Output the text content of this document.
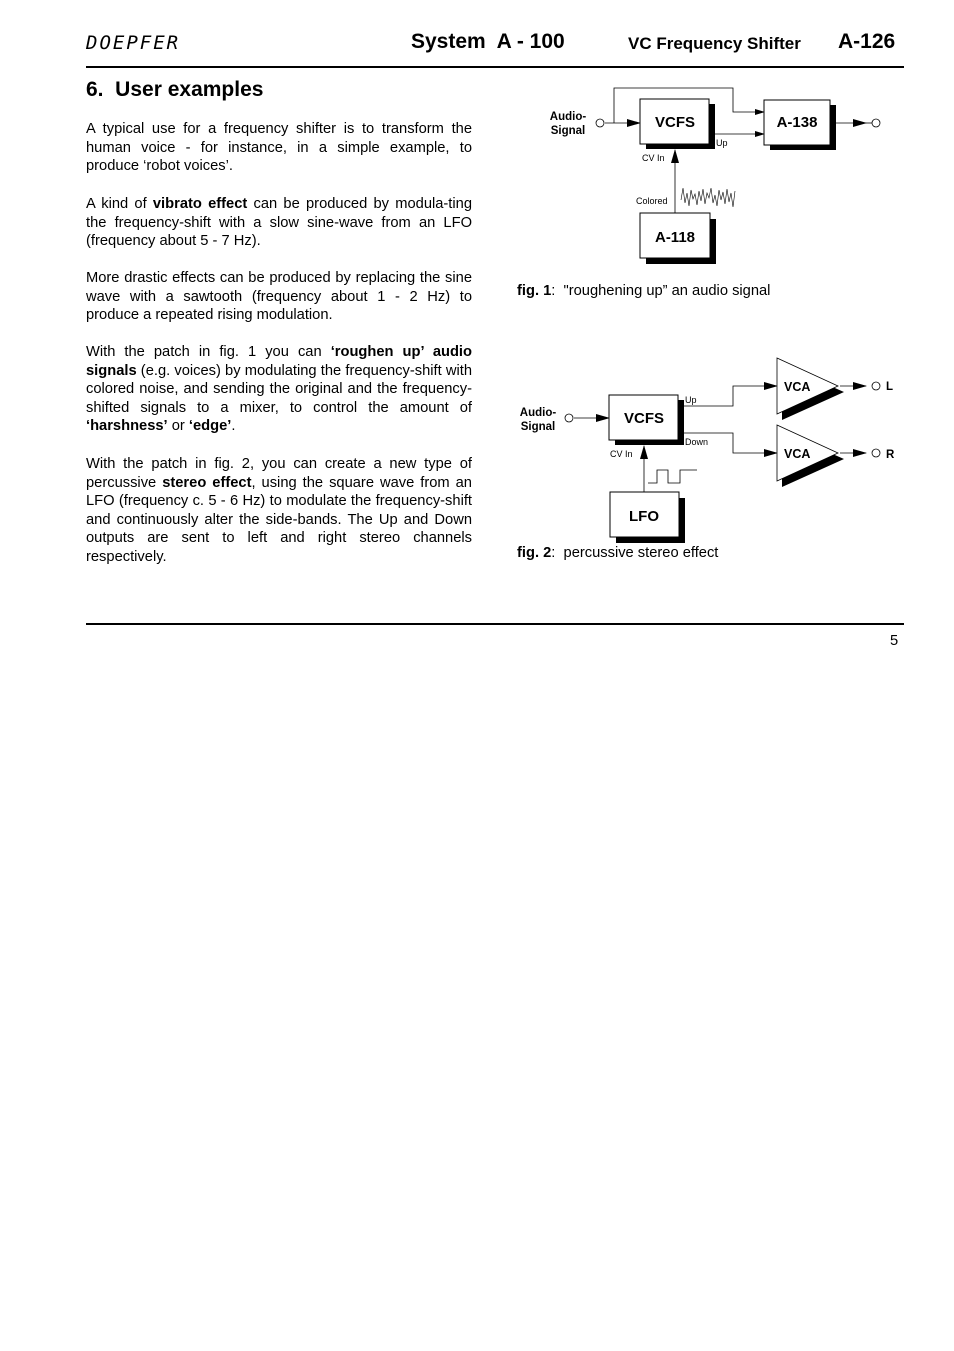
DOEPFER	System  A - 100	VC Frequency Shifter A-126
6.  User examples

A typical use for a frequency shifter is to transform the human voice - for instance, in a simple example, to produce ‘robot voices’.

A kind of vibrato effect can be produced by modula-ting the frequency-shift with a slow sine-wave from an LFO (frequency about 5 - 7 Hz).

More drastic effects can be produced by replacing the sine wave with a sawtooth (frequency about 1 - 2 Hz) to produce a repeated rising modulation.

With the patch in fig. 1 you can ‘roughen up’ audio signals (e.g. voices) by modulating the frequency-shift with colored noise, and sending the original and the frequency-shifted signals to a mixer, to control the amount of ‘harshness’ or ‘edge’.

With the patch in fig. 2, you can create a new type of percussive stereo effect, using the square wave from an LFO (frequency c. 5 - 6 Hz) to modulate the frequency-shift and continuously alter the side-bands. The Up and Down outputs are sent to left and right stereo channels respectively.

Audio-
Signal	VCFS
Up
A-138
CV In
Colored
A-118
Audio-
Signal	VCFS
Up
Down
VCA	L
VCA	R
CV In
LFO
fig. 1:  "roughening up” an audio signal
fig. 2:  percussive stereo effect
5
